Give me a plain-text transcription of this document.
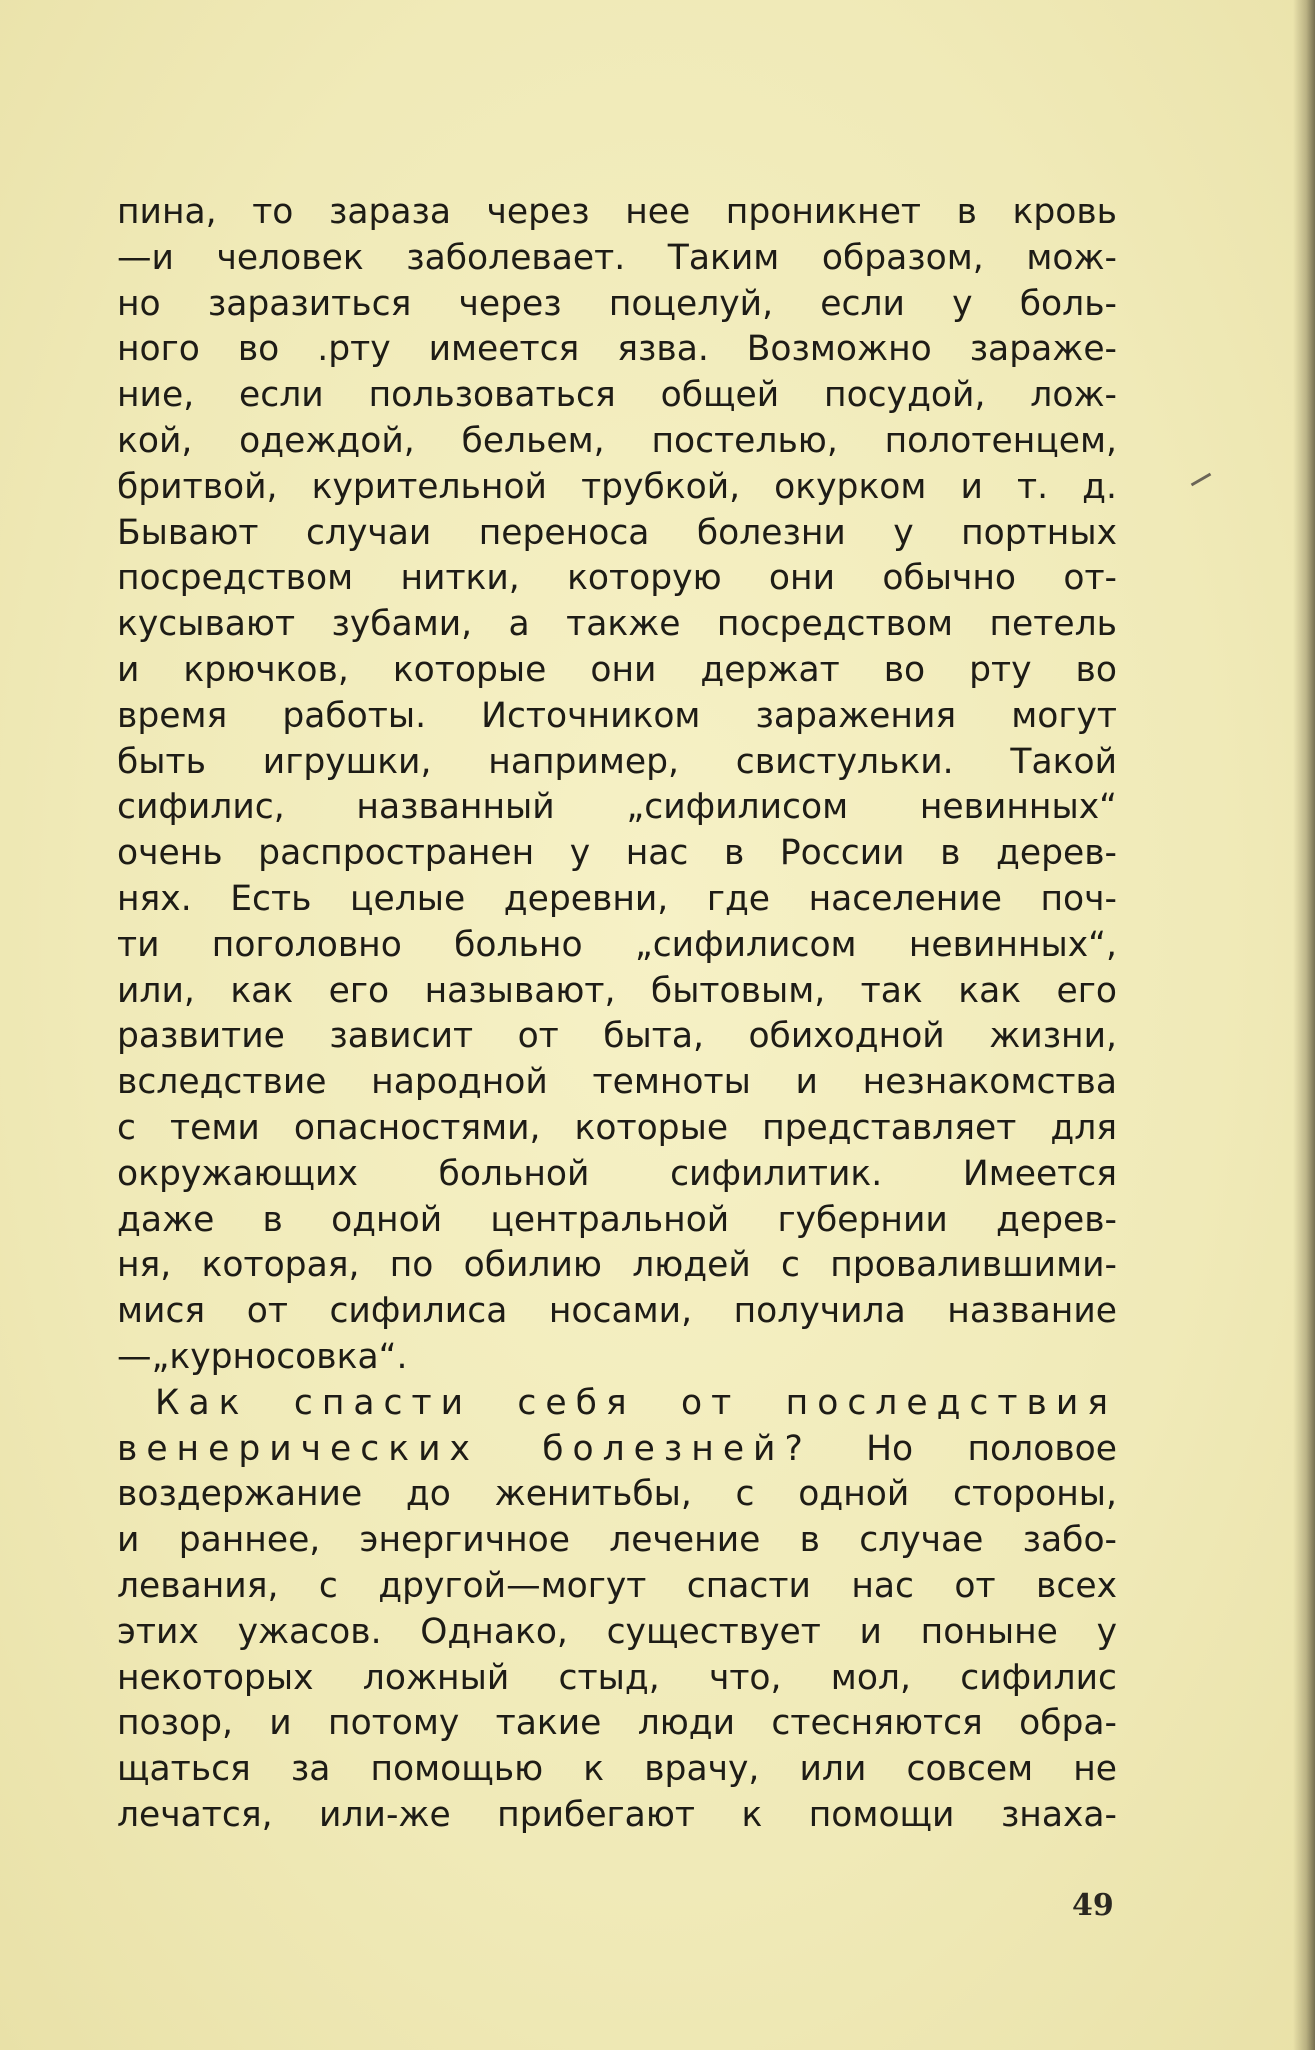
пина, то зараза через нее проникнет в кровь
—и человек заболевает. Таким образом, мож-
но заразиться через поцелуй, если у боль-
ного во .рту имеется язва. Возможно зараже-
ние, если пользоваться общей посудой, лож-
кой, одеждой, бельем, постелью, полотенцем,
бритвой, курительной трубкой, окурком и т. д.
Бывают случаи переноса болезни у портных
посредством нитки, которую они обычно от-
кусывают зубами, а также посредством петель
и крючков, которые они держат во рту во
время работы. Источником заражения могут
быть игрушки, например, свистульки. Такой
сифилис, названный „сифилисом невинных“
очень распространен у нас в России в дерев-
нях. Есть целые деревни, где население поч-
ти поголовно больно „сифилисом невинных“,
или, как его называют, бытовым, так как его
развитие зависит от быта, обиходной жизни,
вследствие народной темноты и незнакомства
с теми опасностями, которые представляет для
окружающих больной сифилитик. Имеется
даже в одной центральной губернии дерев-
ня, которая, по обилию людей с провалившими-
мися от сифилиса носами, получила название
—„курносовка“.
Как спасти себя от последствия
венерических болезней? Но половое
воздержание до женитьбы, с одной стороны,
и раннее, энергичное лечение в случае забо-
левания, с другой—могут спасти нас от всех
этих ужасов. Однако, существует и поныне у
некоторых ложный стыд, что, мол, сифилис
позор, и потому такие люди стесняются обра-
щаться за помощью к врачу, или совсем не
лечатся, или-же прибегают к помощи знаха-
49
